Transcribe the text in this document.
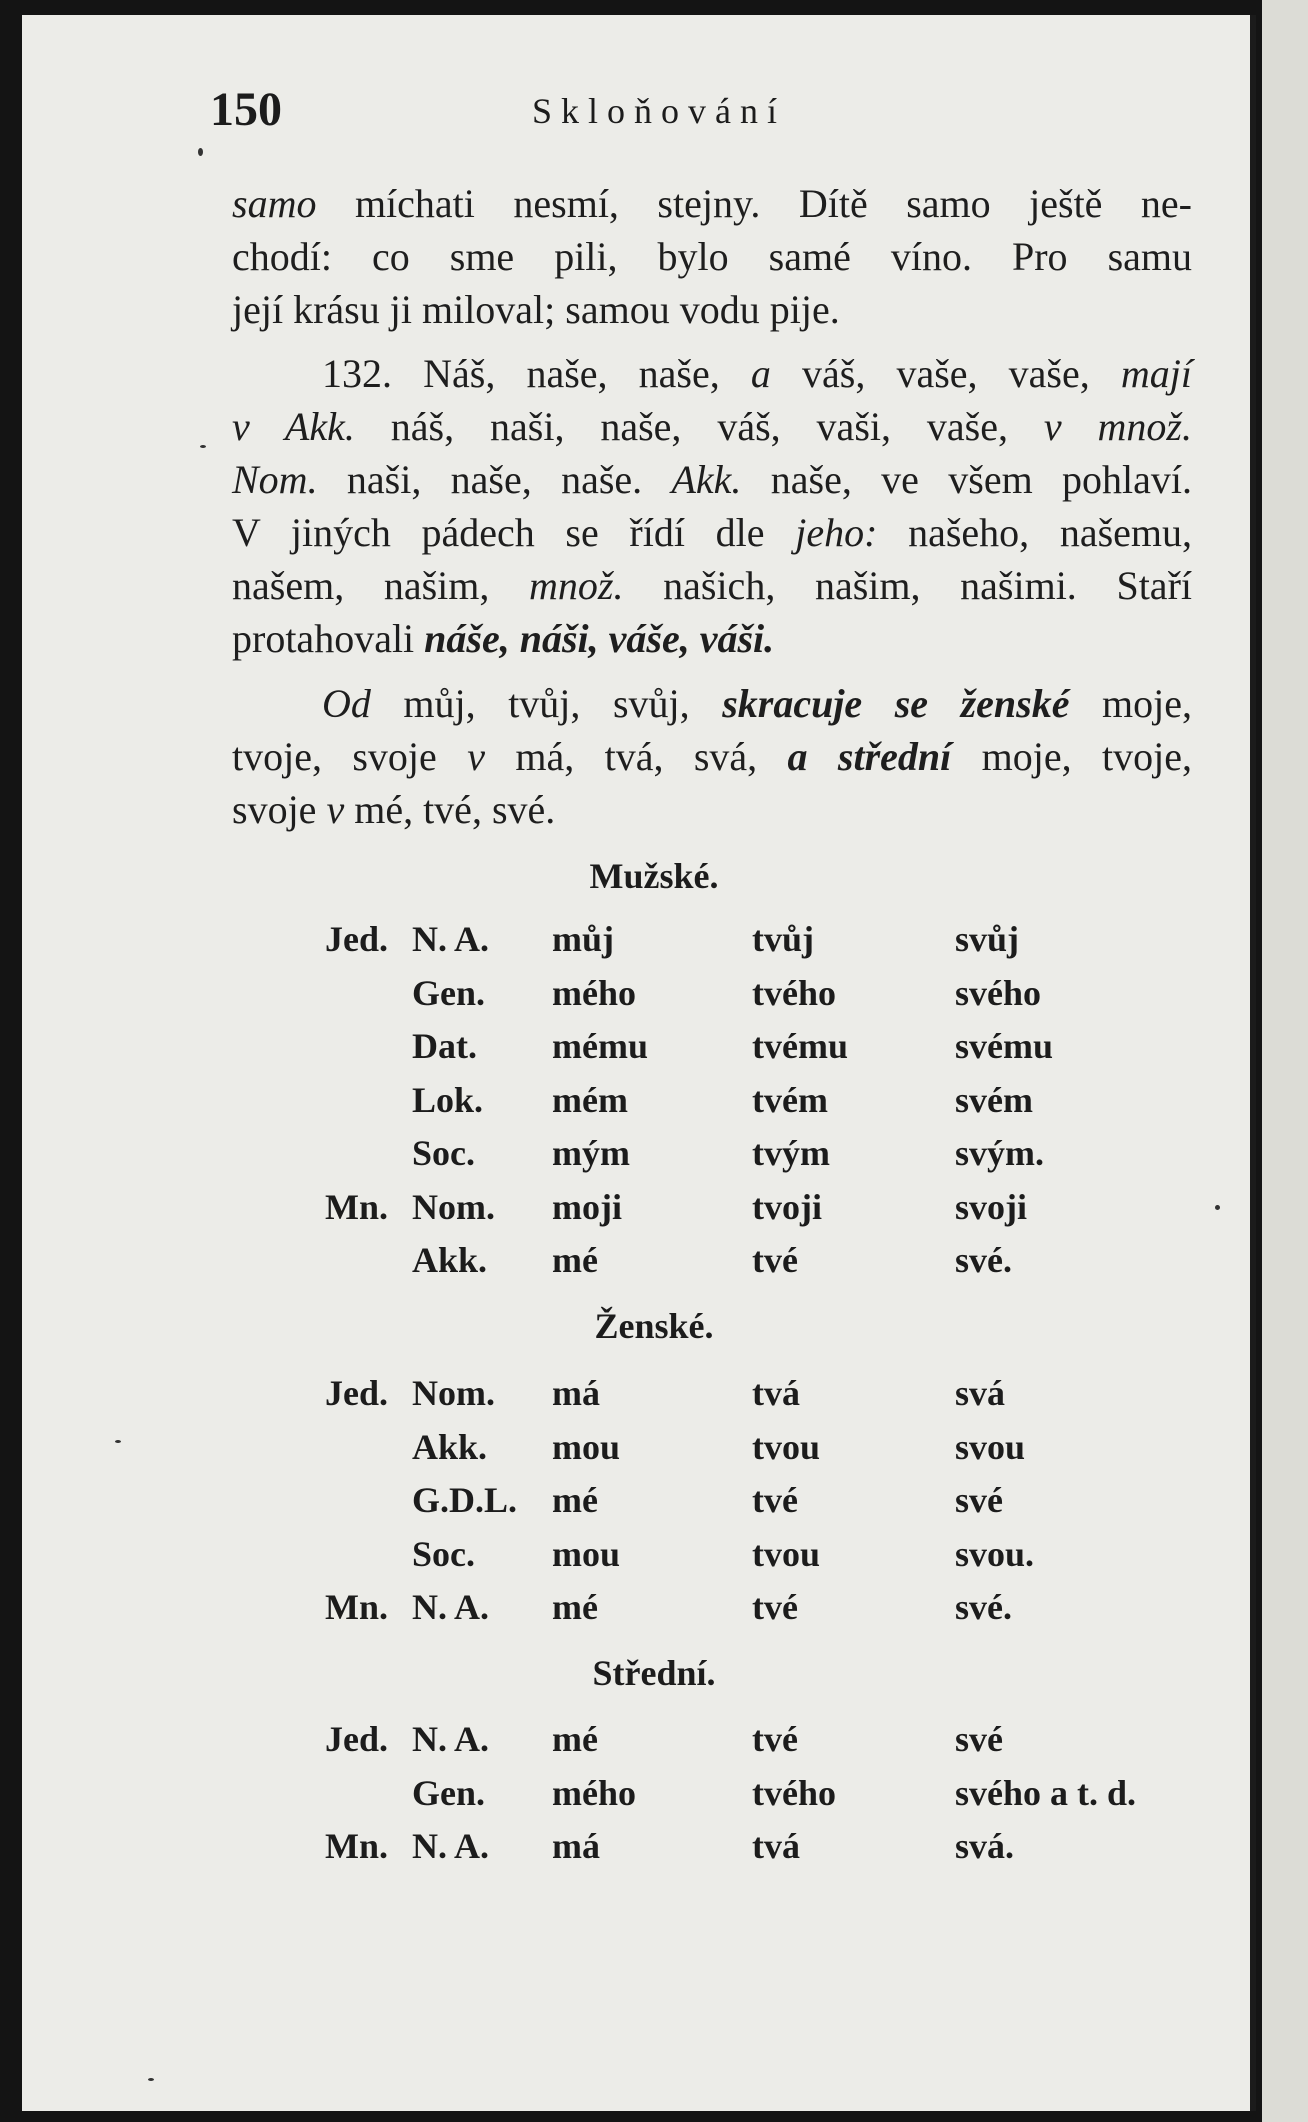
150	Skloňování
samo míchati nesmí, stejny. Dítě samo ještě ne-
chodí: co sme pili, bylo samé víno. Pro samu
její krásu ji miloval; samou vodu pije.
132. Náš, naše, naše, a váš, vaše, vaše, mají
v Akk. náš, naši, naše, váš, vaši, vaše, v množ.
Nom. naši, naše, naše. Akk. naše, ve všem pohlaví.
V jiných pádech se řídí dle jeho: našeho, našemu,
našem, našim, množ. našich, našim, našimi. Staří
protahovali náše, náši, váše, váši.
Od můj, tvůj, svůj, skracuje se ženské moje,
tvoje, svoje v má, tvá, svá, a střední moje, tvoje,
svoje v mé, tvé, své.
Mužské.
Jed. N. A. můj	tvůj	svůj
Gen. mého	tvého	svého
Dat. mému	tvému	svému
Lok. mém	tvém	svém
Soc. mým	tvým	svým.
Mn. Nom. moji	tvoji	svoji
Akk. mé	tvé	své.
Ženské.
Jed. Nom. má	tvá	svá
Akk. mou	tvou	svou
G.D.L. mé	tvé	své
Soc. mou	tvou	svou.
Mn. N. A. mé	tvé	své.
Střední.
Jed. N. A. mé	tvé	své
Gen. mého	tvého	svého a t. d.
Mn. N. A. má	tvá	svá.
